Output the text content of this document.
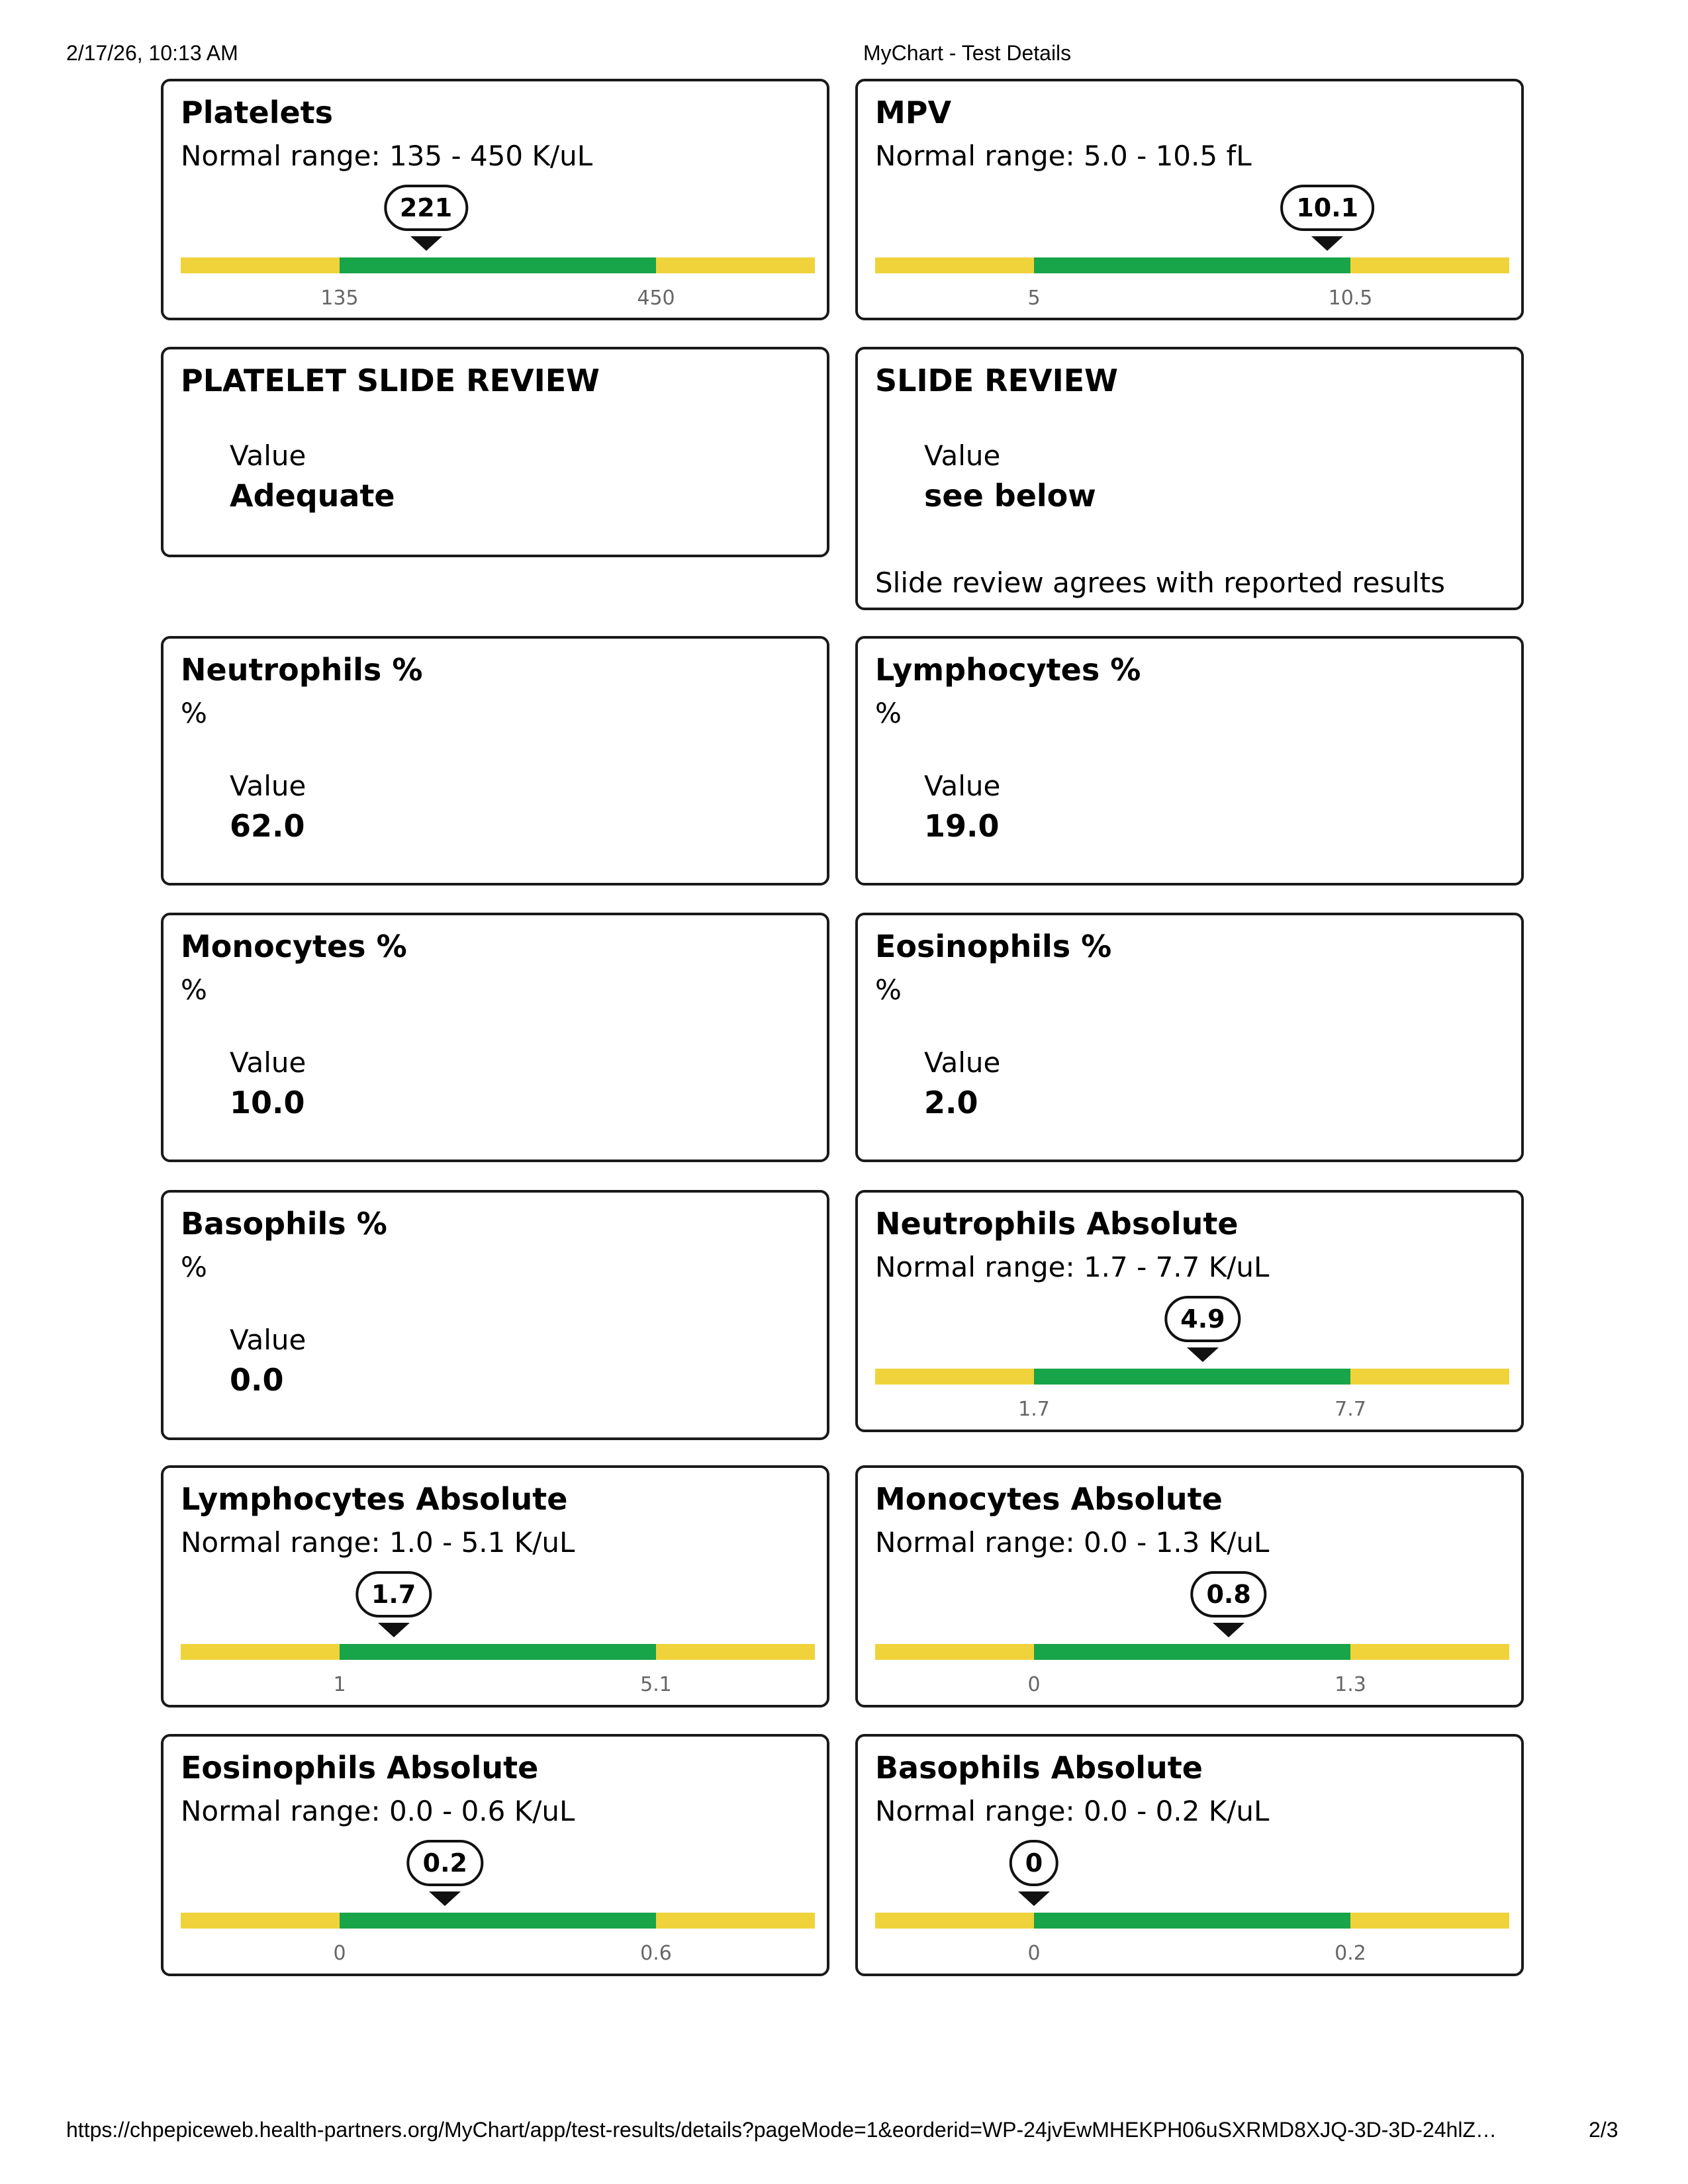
2/17/26, 10:13 AM	MyChart - Test Details
Platelets
Normal range: 135 - 450 K/uL
221
135	450
MPV
Normal range: 5.0 - 10.5 fL
10.1
5	10.5
PLATELET SLIDE REVIEW
Value
Adequate
SLIDE REVIEW
Value
see below
Slide review agrees with reported results
Neutrophils %
%
Value
62.0
Lymphocytes %
%
Value
19.0
Monocytes %
%
Value
10.0
Eosinophils %
%
Value
2.0
Basophils %
%
Value
0.0
Neutrophils Absolute
Normal range: 1.7 - 7.7 K/uL
4.9
1.7	7.7
Lymphocytes Absolute
Normal range: 1.0 - 5.1 K/uL
1.7
1	5.1
Monocytes Absolute
Normal range: 0.0 - 1.3 K/uL
0.8
0	1.3
Eosinophils Absolute
Normal range: 0.0 - 0.6 K/uL
0.2
0	0.6
Basophils Absolute
Normal range: 0.0 - 0.2 K/uL
0
0	0.2
https://chpepiceweb.health-partners.org/MyChart/app/test-results/details?pageMode=1&eorderid=WP-24jvEwMHEKPH06uSXRMD8XJQ-3D-3D-24hlZ…	2/3
